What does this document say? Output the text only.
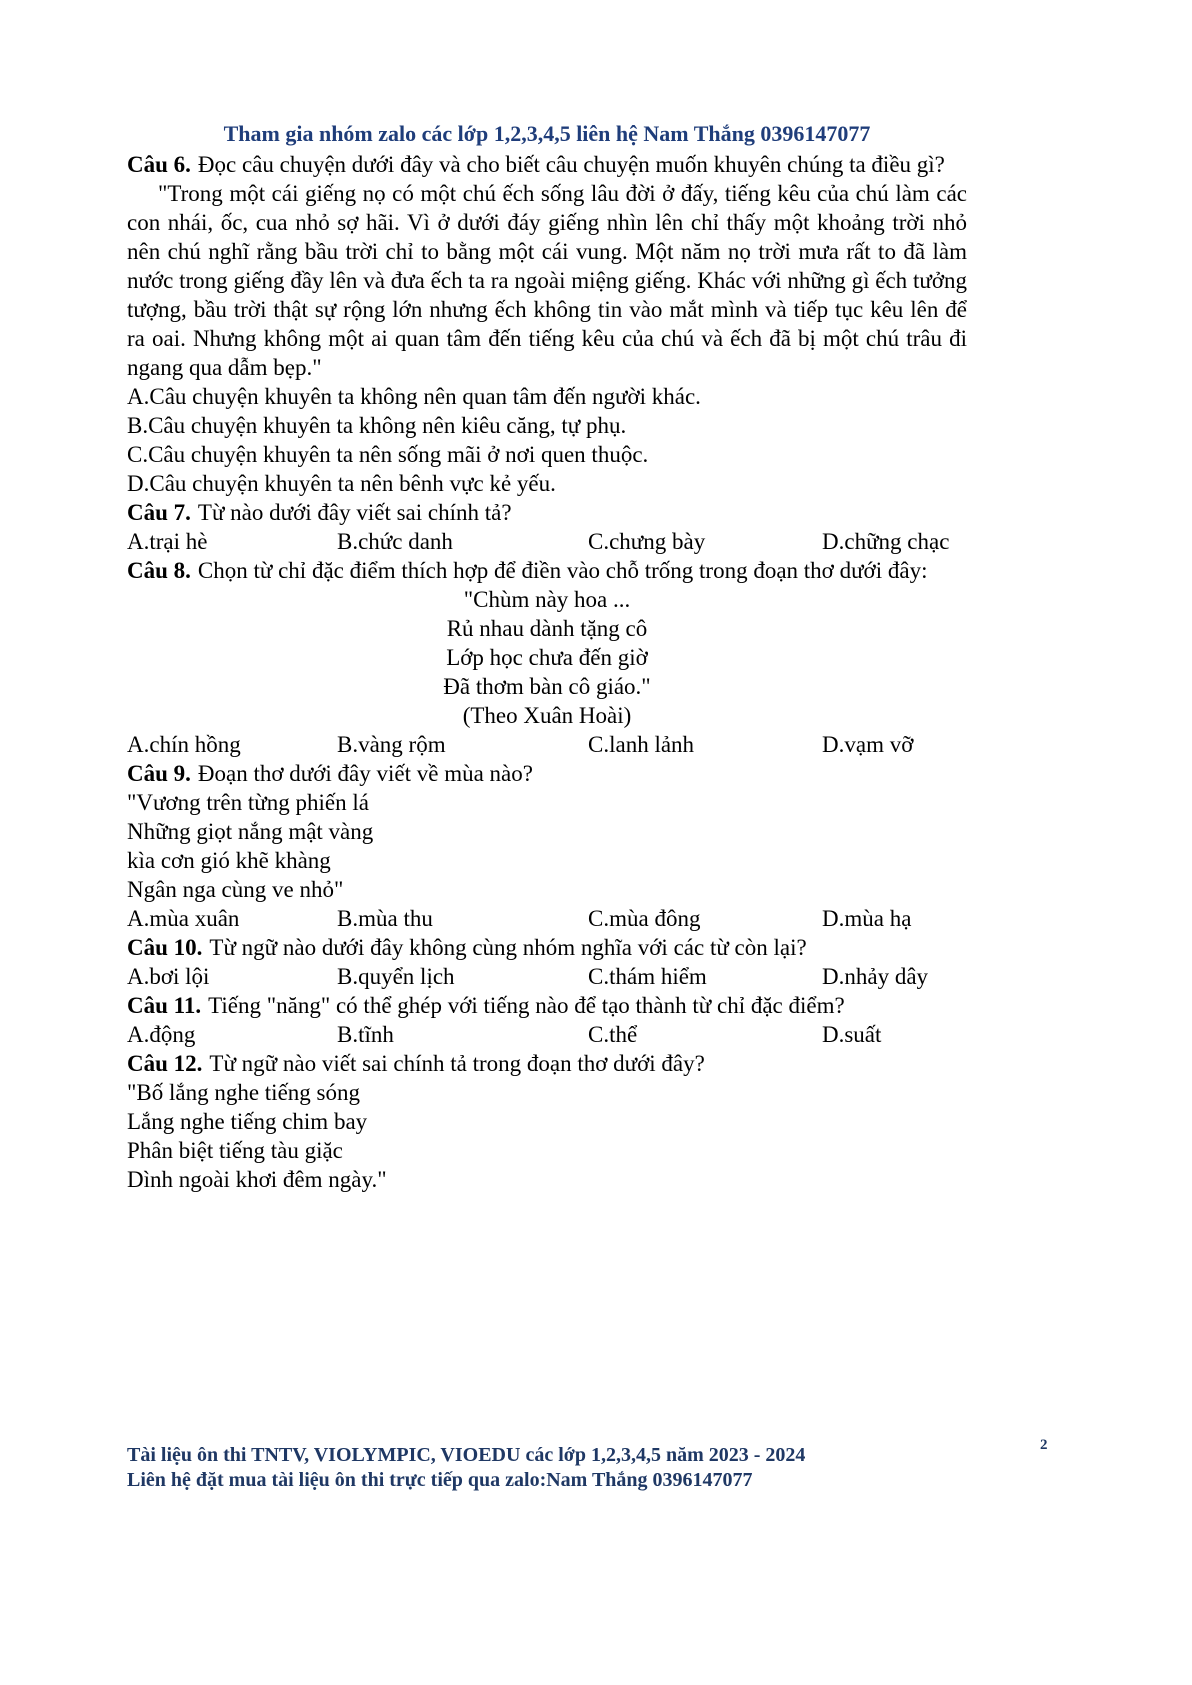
Tham gia nhóm zalo các lớp 1,2,3,4,5 liên hệ Nam Thắng 0396147077

Câu 6. Đọc câu chuyện dưới đây và cho biết câu chuyện muốn khuyên chúng ta điều gì?

"Trong một cái giếng nọ có một chú ếch sống lâu đời ở đấy, tiếng kêu của chú làm các con nhái, ốc, cua nhỏ sợ hãi. Vì ở dưới đáy giếng nhìn lên chỉ thấy một khoảng trời nhỏ nên chú nghĩ rằng bầu trời chỉ to bằng một cái vung. Một năm nọ trời mưa rất to đã làm nước trong giếng đầy lên và đưa ếch ta ra ngoài miệng giếng. Khác với những gì ếch tưởng tượng, bầu trời thật sự rộng lớn nhưng ếch không tin vào mắt mình và tiếp tục kêu lên để ra oai. Nhưng không một ai quan tâm đến tiếng kêu của chú và ếch đã bị một chú trâu đi ngang qua dẫm bẹp."

A.Câu chuyện khuyên ta không nên quan tâm đến người khác.

B.Câu chuyện khuyên ta không nên kiêu căng, tự phụ.

C.Câu chuyện khuyên ta nên sống mãi ở nơi quen thuộc.

D.Câu chuyện khuyên ta nên bênh vực kẻ yếu.

Câu 7. Từ nào dưới đây viết sai chính tả?

A.trại hè	B.chức danh	C.chưng bày	D.chững chạc

Câu 8. Chọn từ chỉ đặc điểm thích hợp để điền vào chỗ trống trong đoạn thơ dưới đây:

"Chùm này hoa ...

Rủ nhau dành tặng cô

Lớp học chưa đến giờ

Đã thơm bàn cô giáo."

(Theo Xuân Hoài)

A.chín hồng	B.vàng rộm	C.lanh lảnh	D.vạm vỡ

Câu 9. Đoạn thơ dưới đây viết về mùa nào?

"Vương trên từng phiến lá

Những giọt nắng mật vàng

kìa cơn gió khẽ khàng

Ngân nga cùng ve nhỏ"

A.mùa xuân	B.mùa thu	C.mùa đông	D.mùa hạ

Câu 10. Từ ngữ nào dưới đây không cùng nhóm nghĩa với các từ còn lại?

A.bơi lội	B.quyển lịch	C.thám hiểm	D.nhảy dây

Câu 11. Tiếng "năng" có thể ghép với tiếng nào để tạo thành từ chỉ đặc điểm?

A.động	B.tĩnh	C.thể	D.suất

Câu 12. Từ ngữ nào viết sai chính tả trong đoạn thơ dưới đây?

"Bố lắng nghe tiếng sóng

Lắng nghe tiếng chim bay

Phân biệt tiếng tàu giặc

Dình ngoài khơi đêm ngày."

Tài liệu ôn thi TNTV, VIOLYMPIC, VIOEDU các lớp 1,2,3,4,5 năm 2023 - 2024
Liên hệ đặt mua tài liệu ôn thi trực tiếp qua zalo:Nam Thắng 0396147077
2
